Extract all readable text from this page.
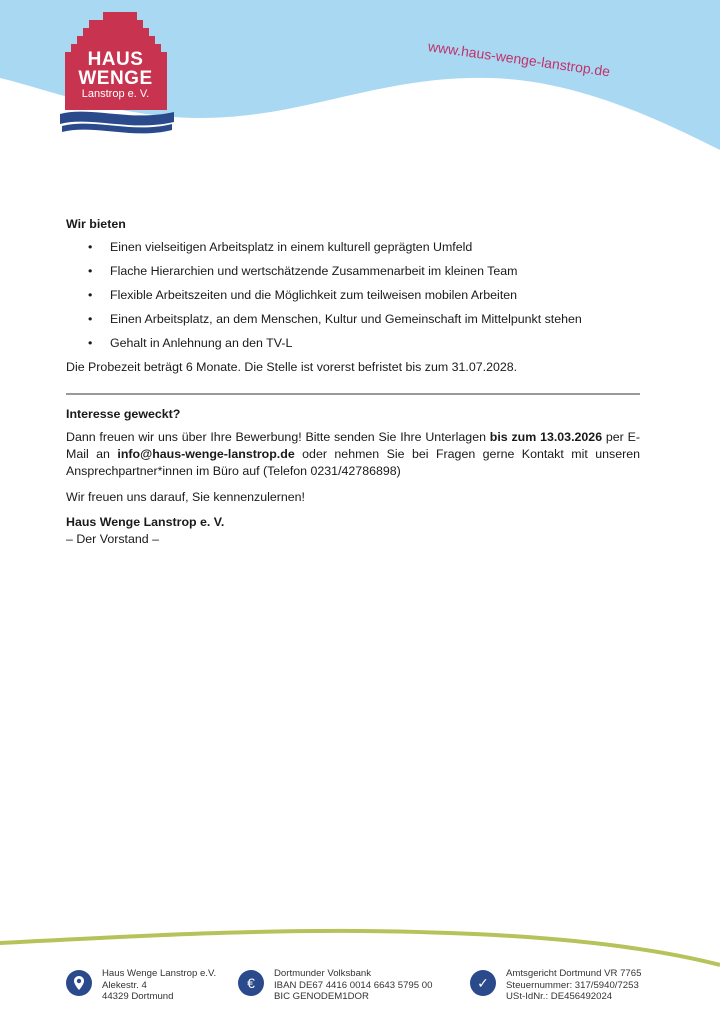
HAUS
WENGE
Lanstrop e. V.
www.haus-wenge-lanstrop.de
Wir bieten
• Einen vielseitigen Arbeitsplatz in einem kulturell geprägten Umfeld
• Flache Hierarchien und wertschätzende Zusammenarbeit im kleinen Team
• Flexible Arbeitszeiten und die Möglichkeit zum teilweisen mobilen Arbeiten
• Einen Arbeitsplatz, an dem Menschen, Kultur und Gemeinschaft im Mittelpunkt stehen
• Gehalt in Anlehnung an den TV-L

Die Probezeit beträgt 6 Monate. Die Stelle ist vorerst befristet bis zum 31.07.2028.

Interesse geweckt?

Dann freuen wir uns über Ihre Bewerbung! Bitte senden Sie Ihre Unterlagen bis zum 13.03.2026 per E-Mail an info@haus-wenge-lanstrop.de oder nehmen Sie bei Fragen gerne Kontakt mit unseren Ansprechpartner*innen im Büro auf (Telefon 0231/42786898)

Wir freuen uns darauf, Sie kennenzulernen!

Haus Wenge Lanstrop e. V.

– Der Vorstand –

Haus Wenge Lanstrop e.V.
Alekestr. 4
44329 Dortmund
€
Dortmunder Volksbank
IBAN DE67 4416 0014 6643 5795 00
BIC GENODEM1DOR
✓
Amtsgericht Dortmund VR 7765
Steuernummer: 317/5940/7253
USt-IdNr.: DE456492024
